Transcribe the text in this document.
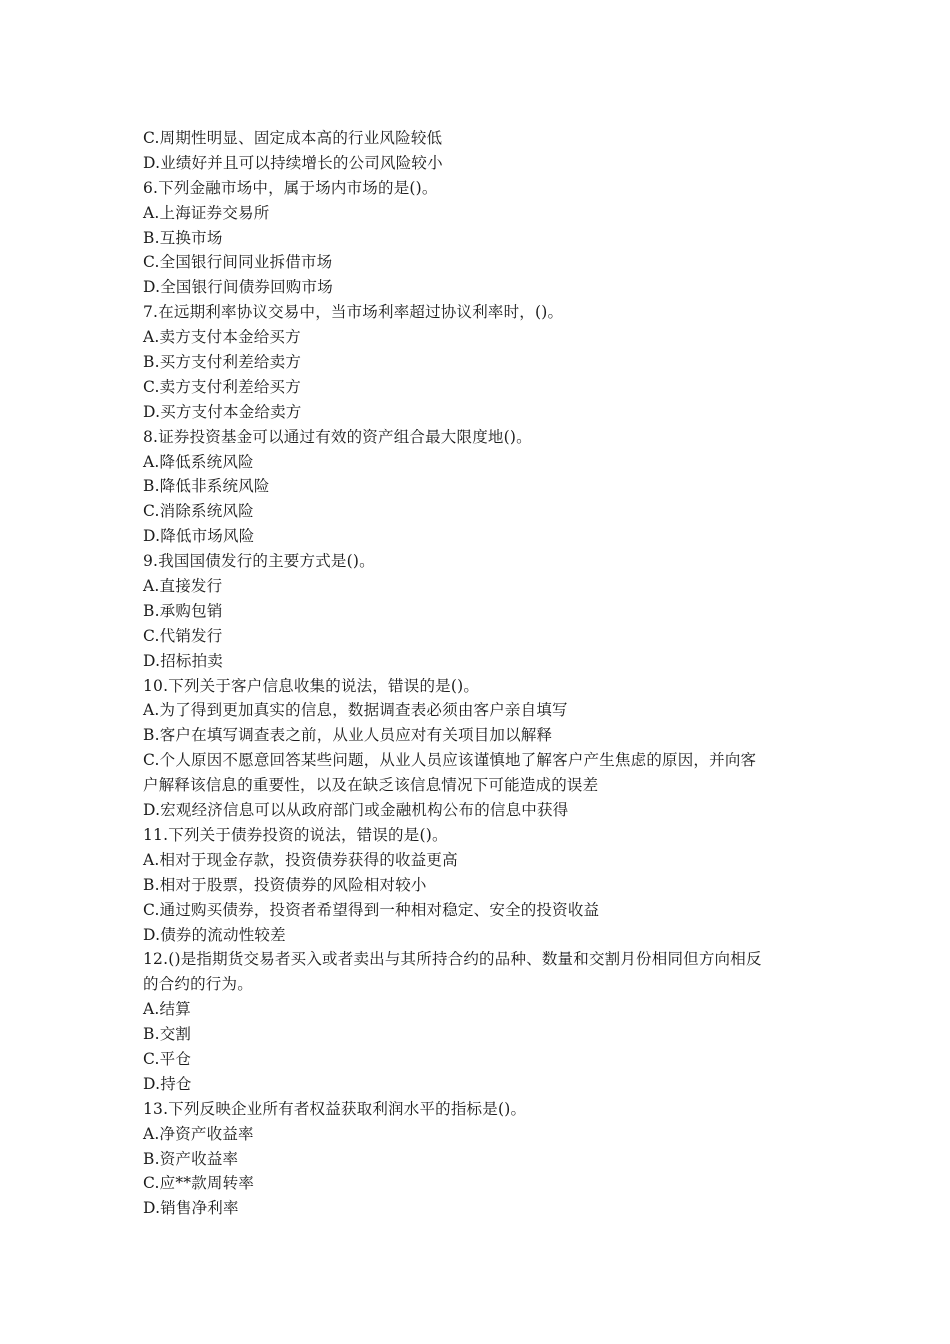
C.周期性明显、固定成本高的行业风险较低
D.业绩好并且可以持续增长的公司风险较小
6.下列金融市场中，属于场内市场的是()。
A.上海证券交易所
B.互换市场
C.全国银行间同业拆借市场
D.全国银行间债券回购市场
7.在远期利率协议交易中，当市场利率超过协议利率时，()。
A.卖方支付本金给买方
B.买方支付利差给卖方
C.卖方支付利差给买方
D.买方支付本金给卖方
8.证券投资基金可以通过有效的资产组合最大限度地()。
A.降低系统风险
B.降低非系统风险
C.消除系统风险
D.降低市场风险
9.我国国债发行的主要方式是()。
A.直接发行
B.承购包销
C.代销发行
D.招标拍卖
10.下列关于客户信息收集的说法，错误的是()。
A.为了得到更加真实的信息，数据调查表必须由客户亲自填写
B.客户在填写调查表之前，从业人员应对有关项目加以解释
C.个人原因不愿意回答某些问题，从业人员应该谨慎地了解客户产生焦虑的原因，并向客
户解释该信息的重要性，以及在缺乏该信息情况下可能造成的误差
D.宏观经济信息可以从政府部门或金融机构公布的信息中获得
11.下列关于债券投资的说法，错误的是()。
A.相对于现金存款，投资债券获得的收益更高
B.相对于股票，投资债券的风险相对较小
C.通过购买债券，投资者希望得到一种相对稳定、安全的投资收益
D.债券的流动性较差
12.()是指期货交易者买入或者卖出与其所持合约的品种、数量和交割月份相同但方向相反
的合约的行为。
A.结算
B.交割
C.平仓
D.持仓
13.下列反映企业所有者权益获取利润水平的指标是()。
A.净资产收益率
B.资产收益率
C.应**款周转率
D.销售净利率
